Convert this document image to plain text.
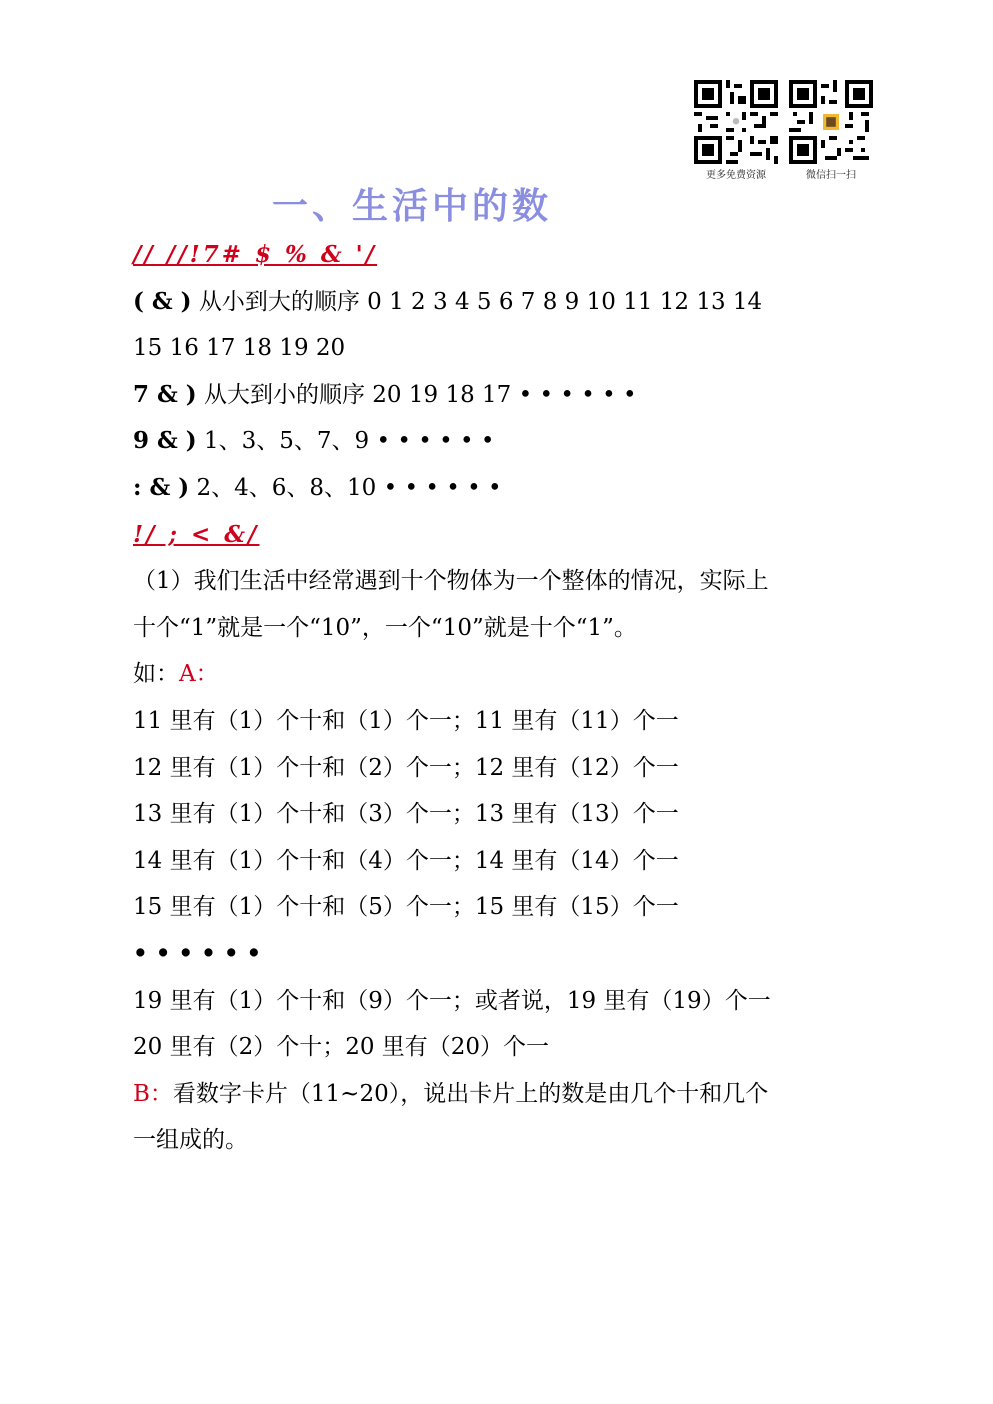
更多免费资源	微信扫一扫
一、生活中的数
// //!7# $ % & '/
( & ) 从小到大的顺序 0 1 2 3 4 5 6 7 8 9 10 11 12 13 14
15 16 17 18 19 20
7 & ) 从大到小的顺序 20 19 18 17 • • • • • •
9 & ) 1、3、5、7、9 • • • • • •
: & ) 2、4、6、8、10 • • • • • •
!/ ; < &/
（1）我们生活中经常遇到十个物体为一个整体的情况，实际上
十个“1”就是一个“10”，一个“10”就是十个“1”。
如：A：
11 里有（1）个十和（1）个一；11 里有（11）个一
12 里有（1）个十和（2）个一；12 里有（12）个一
13 里有（1）个十和（3）个一；13 里有（13）个一
14 里有（1）个十和（4）个一；14 里有（14）个一
15 里有（1）个十和（5）个一；15 里有（15）个一
• • • • • •
19 里有（1）个十和（9）个一；或者说，19 里有（19）个一
20 里有（2）个十；20 里有（20）个一
B：看数字卡片（11~20），说出卡片上的数是由几个十和几个
一组成的。
